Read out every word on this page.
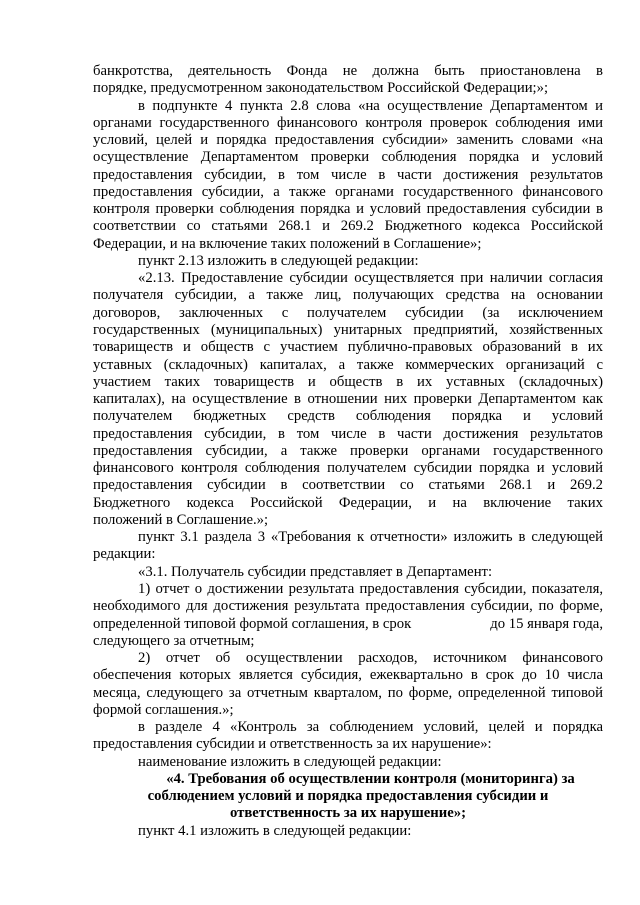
банкротства, деятельность Фонда не должна быть приостановлена в
порядке, предусмотренном законодательством Российской Федерации;»;
в подпункте 4 пункта 2.8 слова «на осуществление Департаментом и
органами государственного финансового контроля проверок соблюдения ими
условий, целей и порядка предоставления субсидии» заменить словами «на
осуществление Департаментом проверки соблюдения порядка и условий
предоставления субсидии, в том числе в части достижения результатов
предоставления субсидии, а также органами государственного финансового
контроля проверки соблюдения порядка и условий предоставления субсидии в
соответствии со статьями 268.1 и 269.2 Бюджетного кодекса Российской
Федерации, и на включение таких положений в Соглашение»;
пункт 2.13 изложить в следующей редакции:
«2.13. Предоставление субсидии осуществляется при наличии согласия
получателя субсидии, а также лиц, получающих средства на основании
договоров, заключенных с получателем субсидии (за исключением
государственных (муниципальных) унитарных предприятий, хозяйственных
товариществ и обществ с участием публично-правовых образований в их
уставных (складочных) капиталах, а также коммерческих организаций с
участием таких товариществ и обществ в их уставных (складочных)
капиталах), на осуществление в отношении них проверки Департаментом как
получателем бюджетных средств соблюдения порядка и условий
предоставления субсидии, в том числе в части достижения результатов
предоставления субсидии, а также проверки органами государственного
финансового контроля соблюдения получателем субсидии порядка и условий
предоставления субсидии в соответствии со статьями 268.1 и 269.2
Бюджетного кодекса Российской Федерации, и на включение таких
положений в Соглашение.»;
пункт 3.1 раздела 3 «Требования к отчетности» изложить в следующей
редакции:
«3.1. Получатель субсидии представляет в Департамент:
1) отчет о достижении результата предоставления субсидии, показателя,
необходимого для достижения результата предоставления субсидии, по форме,
определенной типовой формой соглашения, в срок	до 15 января года,
следующего за отчетным;
2) отчет об осуществлении расходов, источником финансового
обеспечения которых является субсидия, ежеквартально в срок до 10 числа
месяца, следующего за отчетным кварталом, по форме, определенной типовой
формой соглашения.»;
в разделе 4 «Контроль за соблюдением условий, целей и порядка
предоставления субсидии и ответственность за их нарушение»:
наименование изложить в следующей редакции:
«4. Требования об осуществлении контроля (мониторинга) за
соблюдением условий и порядка предоставления субсидии и
ответственность за их нарушение»;
пункт 4.1 изложить в следующей редакции:
